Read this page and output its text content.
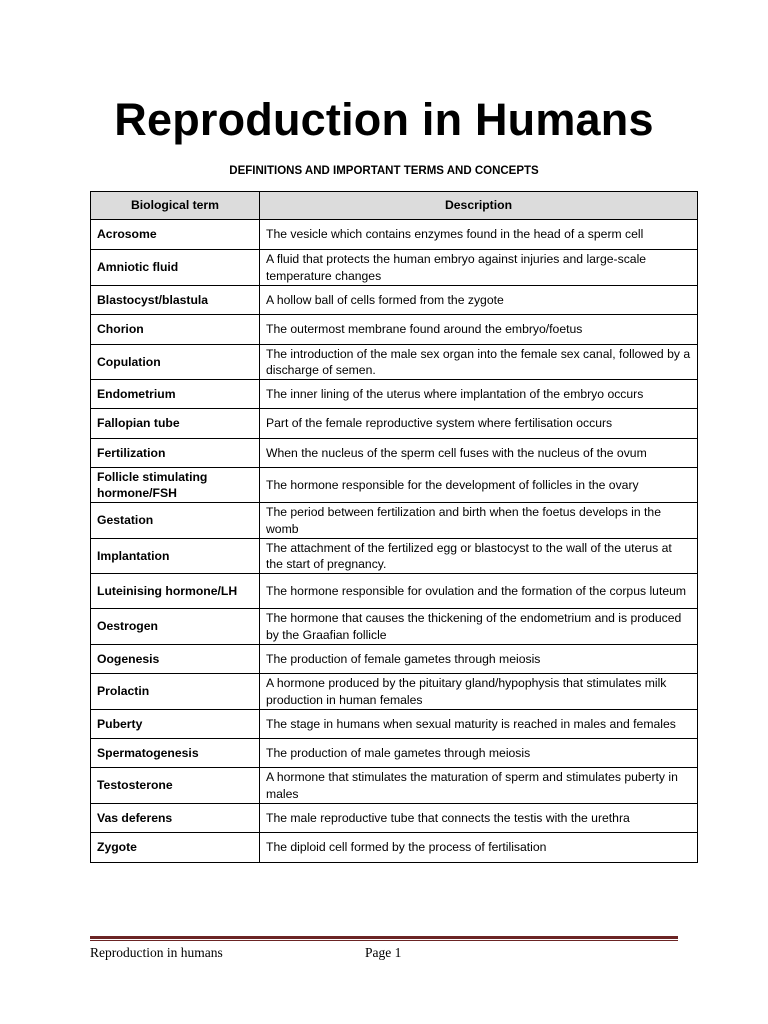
Reproduction in Humans
DEFINITIONS AND IMPORTANT TERMS AND CONCEPTS
Biological term	Description
Acrosome	The vesicle which contains enzymes found in the head of a sperm cell
Amniotic fluid	A fluid that protects the human embryo against injuries and large-scale temperature changes
Blastocyst/blastula	A hollow ball of cells formed from the zygote
Chorion	The outermost membrane found around the embryo/foetus
Copulation	The introduction of the male sex organ into the female sex canal, followed by a discharge of semen.
Endometrium	The inner lining of the uterus where implantation of the embryo occurs
Fallopian tube	Part of the female reproductive system where fertilisation occurs
Fertilization	When the nucleus of the sperm cell fuses with the nucleus of the ovum
Follicle stimulating hormone/FSH	The hormone responsible for the development of follicles in the ovary
Gestation	The period between fertilization and birth when the foetus develops in the womb
Implantation	The attachment of the fertilized egg or blastocyst to the wall of the uterus at the start of pregnancy.
Luteinising hormone/LH	The hormone responsible for ovulation and the formation of the corpus luteum
Oestrogen	The hormone that causes the thickening of the endometrium and is produced by the Graafian follicle
Oogenesis	The production of female gametes through meiosis
Prolactin	A hormone produced by the pituitary gland/hypophysis that stimulates milk production in human females
Puberty	The stage in humans when sexual maturity is reached in males and females
Spermatogenesis	The production of male gametes through meiosis
Testosterone	A hormone that stimulates the maturation of sperm and stimulates puberty in males
Vas deferens	The male reproductive tube that connects the testis with the urethra
Zygote	The diploid cell formed by the process of fertilisation
Reproduction in humans	Page 1
